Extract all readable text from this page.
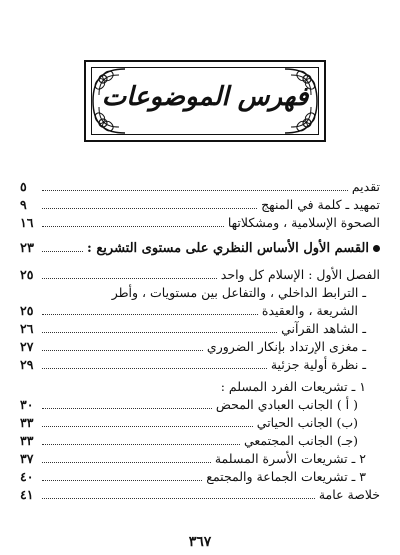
فهرس الموضوعات
تقديم
٥
تمهيد ـ كلمة في المنهج
٩
الصحوة الإسلامية ، ومشكلاتها
١٦
القسم الأول الأساس النظري على مستوى التشريع :
٢٣
الفصل الأول : الإسلام كل واحد
٢٥
ـ الترابط الداخلي ، والتفاعل بين مستويات ، وأطر
الشريعة ، والعقيدة
٢٥
ـ الشاهد القرآني
٢٦
ـ مغزى الإرتداد بإنكار الضروري
٢٧
ـ نظرة أولية جزئية
٢٩
١ ـ تشريعات الفرد المسلم :
( أ ) الجانب العبادي المحض
٣٠
(ب) الجانب الحياتي
٣٣
(جـ) الجانب المجتمعي
٣٣
٢ ـ تشريعات الأسرة المسلمة
٣٧
٣ ـ تشريعات الجماعة والمجتمع
٤٠
خلاصة عامة
٤١
٣٦٧
